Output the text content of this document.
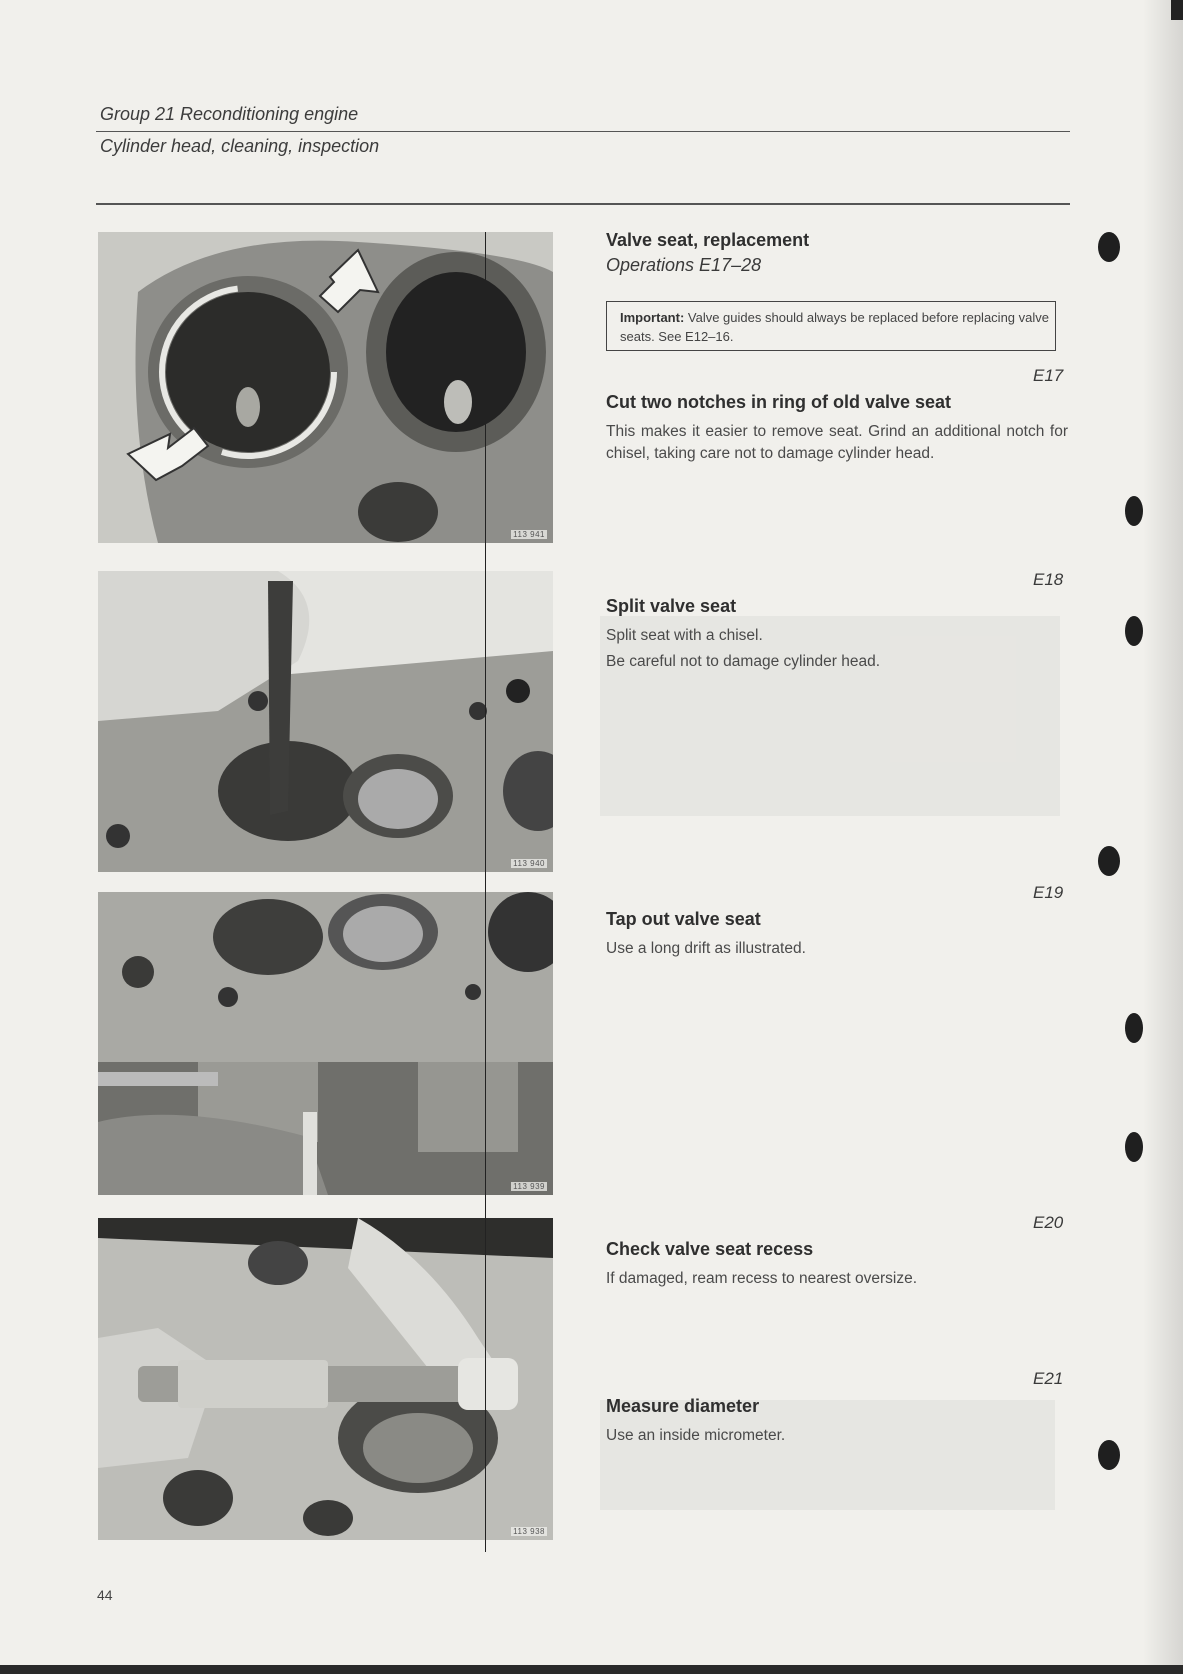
Group 21 Reconditioning engine
Cylinder head, cleaning, inspection
113 941
113 940
113 939
113 938
Valve seat, replacement
Operations E17–28
Important: Valve guides should always be replaced before replacing valve seats. See E12–16.
E17
Cut two notches in ring of old valve seat
This makes it easier to remove seat. Grind an additional notch for chisel, taking care not to damage cylinder head.
E18
Split valve seat
Split seat with a chisel.
Be careful not to damage cylinder head.
E19
Tap out valve seat
Use a long drift as illustrated.
E20
Check valve seat recess
If damaged, ream recess to nearest oversize.
E21
Measure diameter
Use an inside micrometer.
44
